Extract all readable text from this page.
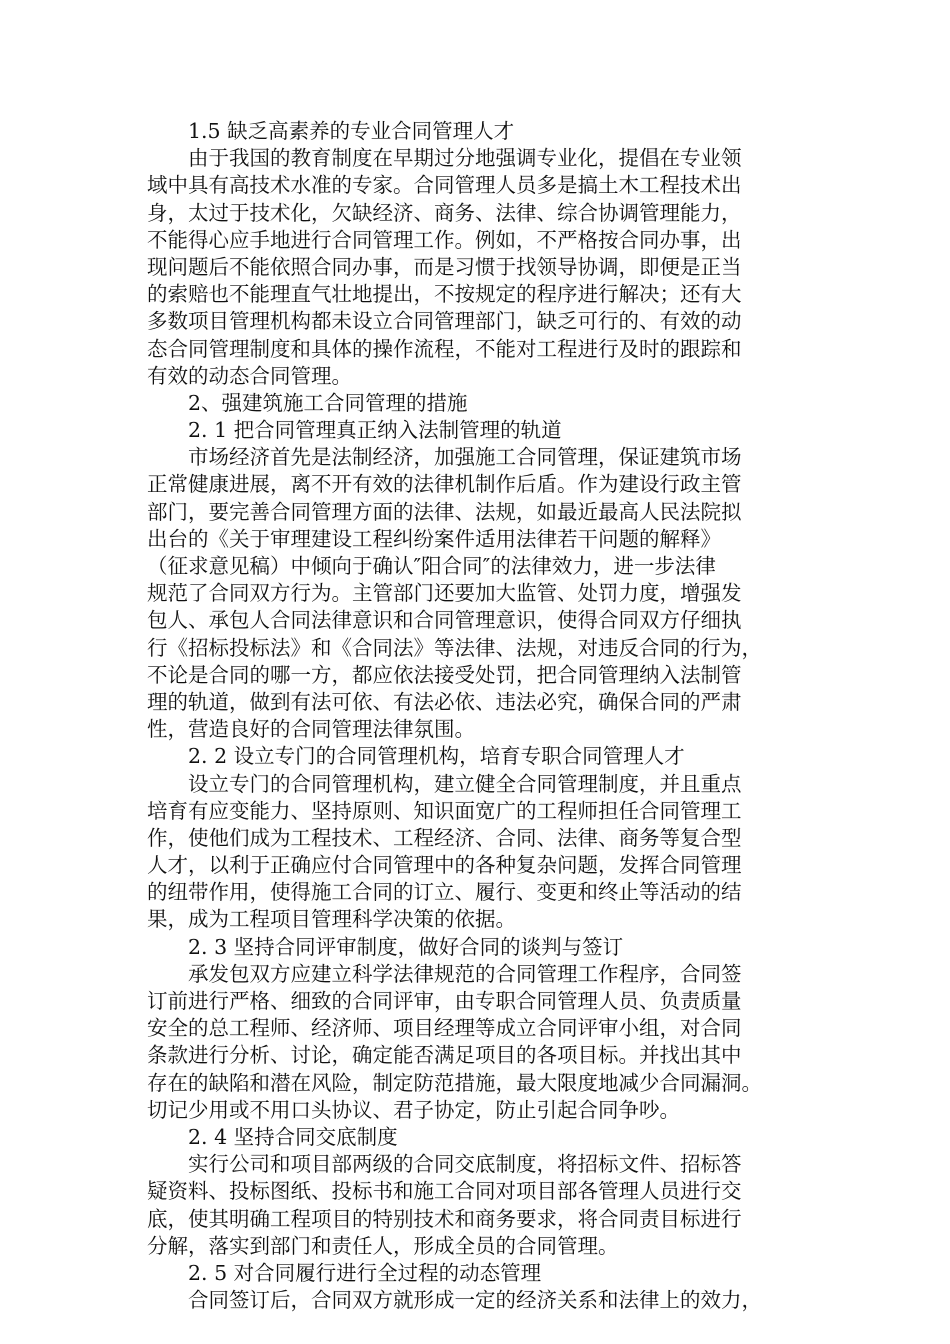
1.5 缺乏高素养的专业合同管理人才
由于我国的教育制度在早期过分地强调专业化，提倡在专业领
域中具有高技术水准的专家。合同管理人员多是搞土木工程技术出
身，太过于技术化，欠缺经济、商务、法律、综合协调管理能力，
不能得心应手地进行合同管理工作。例如，不严格按合同办事，出
现问题后不能依照合同办事，而是习惯于找领导协调，即便是正当
的索赔也不能理直气壮地提出，不按规定的程序进行解决；还有大
多数项目管理机构都未设立合同管理部门，缺乏可行的、有效的动
态合同管理制度和具体的操作流程，不能对工程进行及时的跟踪和
有效的动态合同管理。
2、强建筑施工合同管理的措施
2. 1 把合同管理真正纳入法制管理的轨道
市场经济首先是法制经济，加强施工合同管理，保证建筑市场
正常健康进展，离不开有效的法律机制作后盾。作为建设行政主管
部门，要完善合同管理方面的法律、法规，如最近最高人民法院拟
出台的《关于审理建设工程纠纷案件适用法律若干问题的解释》
（征求意见稿）中倾向于确认″阳合同″的法律效力，进一步法律
规范了合同双方行为。主管部门还要加大监管、处罚力度，增强发
包人、承包人合同法律意识和合同管理意识，使得合同双方仔细执
行《招标投标法》和《合同法》等法律、法规，对违反合同的行为，
不论是合同的哪一方，都应依法接受处罚，把合同管理纳入法制管
理的轨道，做到有法可依、有法必依、违法必究，确保合同的严肃
性，营造良好的合同管理法律氛围。
2. 2 设立专门的合同管理机构，培育专职合同管理人才
设立专门的合同管理机构，建立健全合同管理制度，并且重点
培育有应变能力、坚持原则、知识面宽广的工程师担任合同管理工
作，使他们成为工程技术、工程经济、合同、法律、商务等复合型
人才，以利于正确应付合同管理中的各种复杂问题，发挥合同管理
的纽带作用，使得施工合同的订立、履行、变更和终止等活动的结
果，成为工程项目管理科学决策的依据。
2. 3 坚持合同评审制度，做好合同的谈判与签订
承发包双方应建立科学法律规范的合同管理工作程序，合同签
订前进行严格、细致的合同评审，由专职合同管理人员、负责质量
安全的总工程师、经济师、项目经理等成立合同评审小组，对合同
条款进行分析、讨论，确定能否满足项目的各项目标。并找出其中
存在的缺陷和潜在风险，制定防范措施，最大限度地减少合同漏洞。
切记少用或不用口头协议、君子协定，防止引起合同争吵。
2. 4 坚持合同交底制度
实行公司和项目部两级的合同交底制度，将招标文件、招标答
疑资料、投标图纸、投标书和施工合同对项目部各管理人员进行交
底，使其明确工程项目的特别技术和商务要求，将合同责目标进行
分解，落实到部门和责任人，形成全员的合同管理。
2. 5 对合同履行进行全过程的动态管理
合同签订后，合同双方就形成一定的经济关系和法律上的效力，
